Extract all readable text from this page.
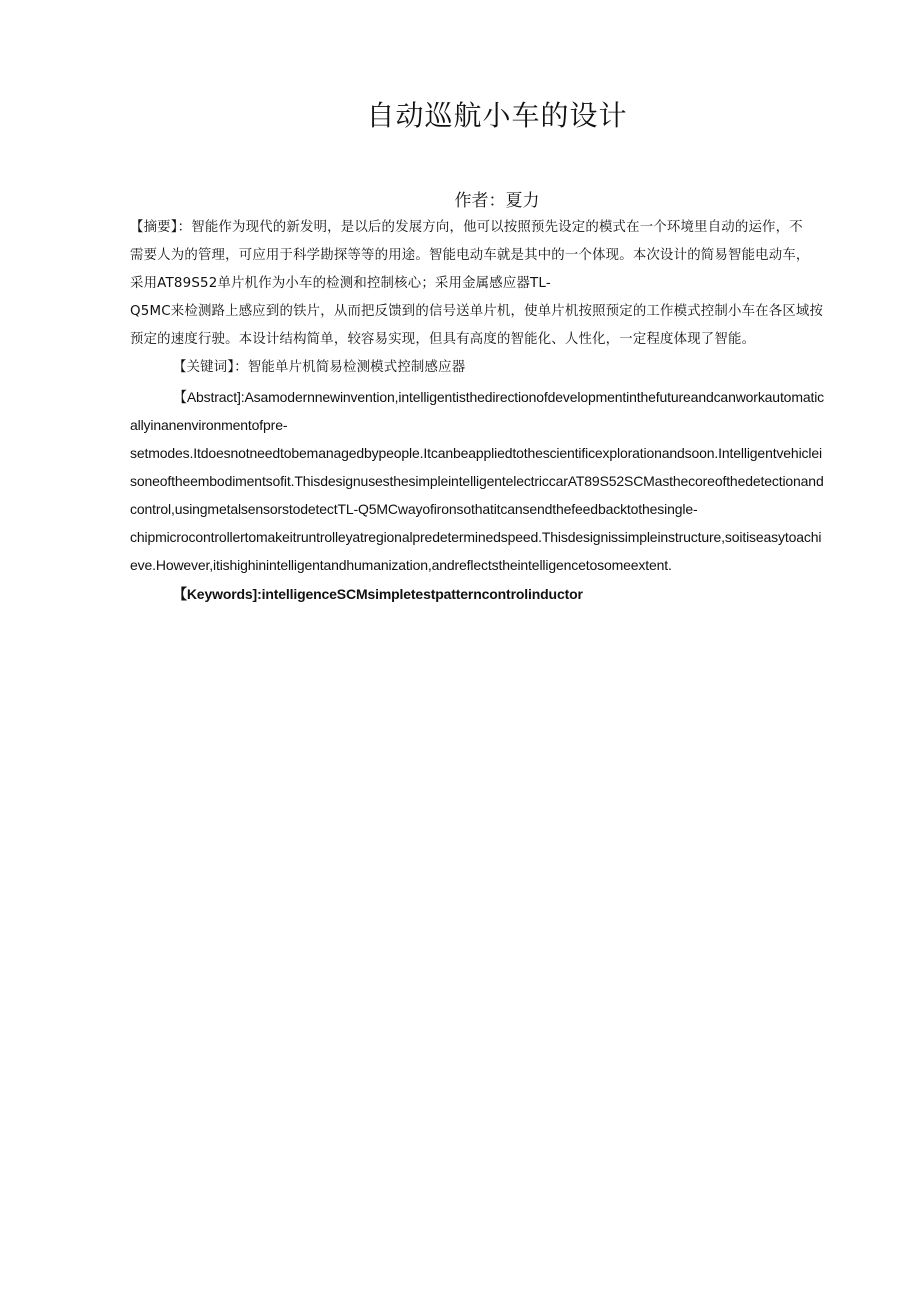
自动巡航小车的设计
作者：夏力
【摘要】：智能作为现代的新发明，是以后的发展方向，他可以按照预先设定的模式在一个环境里自动的运作，不
需要人为的管理，可应用于科学勘探等等的用途。智能电动车就是其中的一个体现。本次设计的简易智能电动车，
采用AT89S52单片机作为小车的检测和控制核心；采用金属感应器TL-
Q5MC来检测路上感应到的铁片，从而把反馈到的信号送单片机，使单片机按照预定的工作模式控制小车在各区域按
预定的速度行驶。本设计结构简单，较容易实现，但具有高度的智能化、人性化，一定程度体现了智能。
【关键词】：智能单片机简易检测模式控制感应器
【Abstract]:Asamodernnewinvention,intelligentisthedirectionofdevelopmentinthefutureandcanworkautomatic
allyinanenvironmentofpre-
setmodes.Itdoesnotneedtobemanagedbypeople.Itcanbeappliedtothescientificexplorationandsoon.Intelligentvehiclei
soneoftheembodimentsofit.ThisdesignusesthesimpleintelligentelectriccarAT89S52SCMasthecoreofthedetectionand
control,usingmetalsensorstodetectTL-Q5MCwayofironsothatitcansendthefeedbacktothesingle-
chipmicrocontrollertomakeitruntrolleyatregionalpredeterminedspeed.Thisdesignissimpleinstructure,soitiseasytoachi
eve.However,itishighinintelligentandhumanization,andreflectstheintelligencetosomeextent.
【Keywords]:intelligenceSCMsimpletestpatterncontrolinductor
